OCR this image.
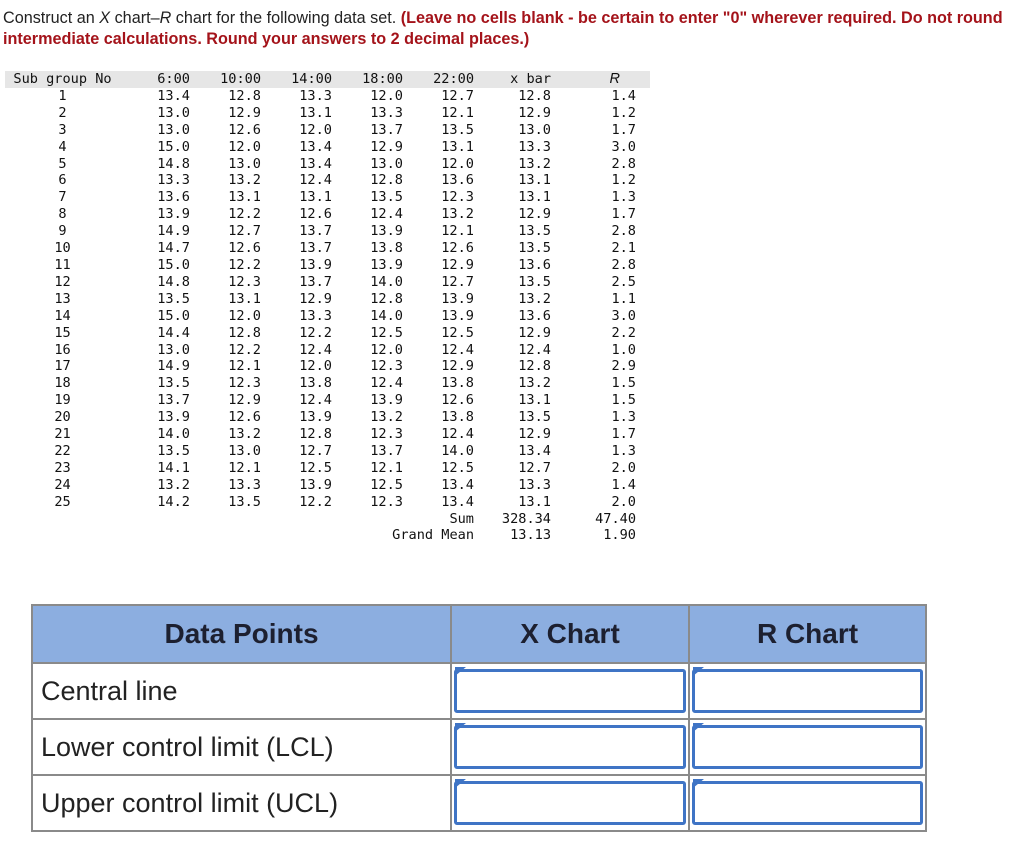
Construct an X chart–R chart for the following data set. (Leave no cells blank - be certain to enter "0" wherever required. Do not round intermediate calculations. Round your answers to 2 decimal places.)
Sub group No	6:00	10:00	14:00	18:00	22:00	x bar	R
1	13.4	12.8	13.3	12.0	12.7	12.8	1.4
2	13.0	12.9	13.1	13.3	12.1	12.9	1.2
3	13.0	12.6	12.0	13.7	13.5	13.0	1.7
4	15.0	12.0	13.4	12.9	13.1	13.3	3.0
5	14.8	13.0	13.4	13.0	12.0	13.2	2.8
6	13.3	13.2	12.4	12.8	13.6	13.1	1.2
7	13.6	13.1	13.1	13.5	12.3	13.1	1.3
8	13.9	12.2	12.6	12.4	13.2	12.9	1.7
9	14.9	12.7	13.7	13.9	12.1	13.5	2.8
10	14.7	12.6	13.7	13.8	12.6	13.5	2.1
11	15.0	12.2	13.9	13.9	12.9	13.6	2.8
12	14.8	12.3	13.7	14.0	12.7	13.5	2.5
13	13.5	13.1	12.9	12.8	13.9	13.2	1.1
14	15.0	12.0	13.3	14.0	13.9	13.6	3.0
15	14.4	12.8	12.2	12.5	12.5	12.9	2.2
16	13.0	12.2	12.4	12.0	12.4	12.4	1.0
17	14.9	12.1	12.0	12.3	12.9	12.8	2.9
18	13.5	12.3	13.8	12.4	13.8	13.2	1.5
19	13.7	12.9	12.4	13.9	12.6	13.1	1.5
20	13.9	12.6	13.9	13.2	13.8	13.5	1.3
21	14.0	13.2	12.8	12.3	12.4	12.9	1.7
22	13.5	13.0	12.7	13.7	14.0	13.4	1.3
23	14.1	12.1	12.5	12.1	12.5	12.7	2.0
24	13.2	13.3	13.9	12.5	13.4	13.3	1.4
25	14.2	13.5	12.2	12.3	13.4	13.1	2.0
					Sum	328.34	47.40
				Grand Mean		13.13	1.90
Data Points	X Chart	R Chart
Central line	

Lower control limit (LCL)	

Upper control limit (UCL)	
